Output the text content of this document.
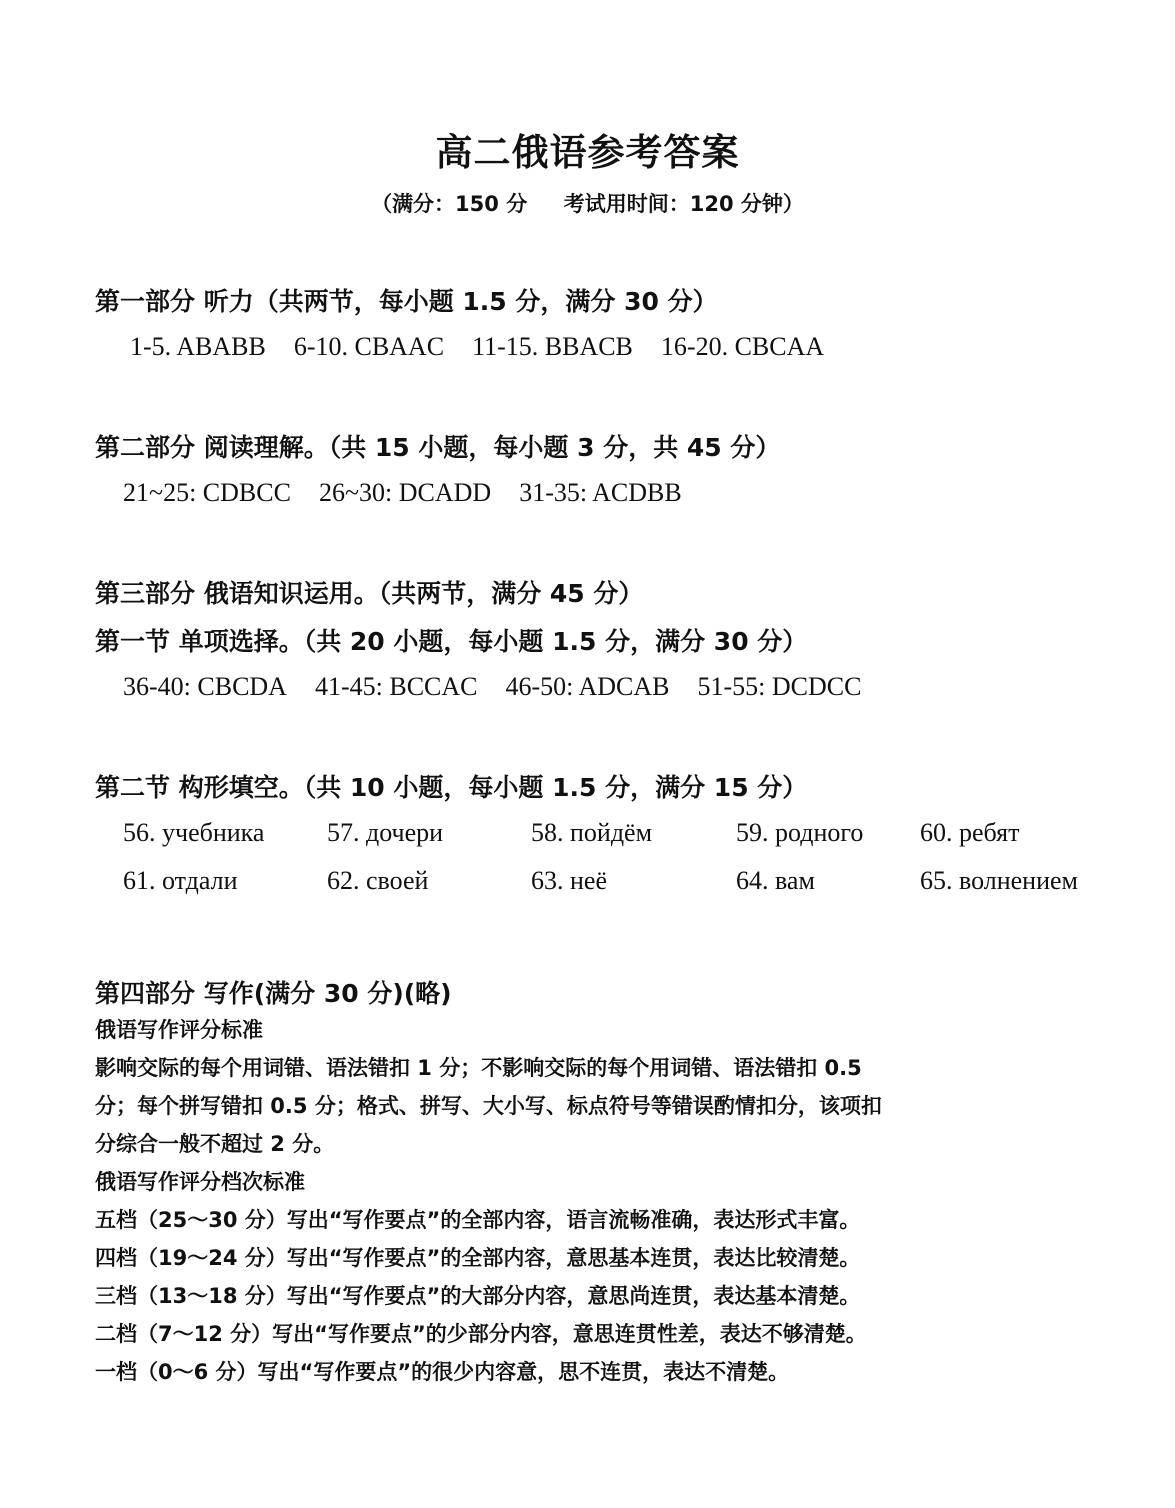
高二俄语参考答案
（满分：150 分     考试用时间：120 分钟）
第一部分 听力（共两节，每小题 1.5 分，满分 30 分）
1-5. ABABB 6-10. CBAAC 11-15. BBACB 16-20. CBCAA
第二部分 阅读理解。（共 15 小题，每小题 3 分，共 45 分）
21~25: CDBCC 26~30: DCADD 31-35: ACDBB
第三部分 俄语知识运用。（共两节，满分 45 分）
第一节 单项选择。（共 20 小题，每小题 1.5 分，满分 30 分）
36-40: CBCDA 41-45: BCCAC 46-50: ADCAB 51-55: DCDCC
第二节 构形填空。（共 10 小题，每小题 1.5 分，满分 15 分）
56. учебника 57. дочери	58. пойдём	59. родного 60. ребят
61. отдали	62. своей	63. неё	64. вам	65. волнением
第四部分 写作(满分 30 分)(略)
俄语写作评分标准
影响交际的每个用词错、语法错扣 1 分；不影响交际的每个用词错、语法错扣 0.5
分；每个拼写错扣 0.5 分；格式、拼写、大小写、标点符号等错误酌情扣分，该项扣
分综合一般不超过 2 分。
俄语写作评分档次标准
五档（25～30 分）写出“写作要点”的全部内容，语言流畅准确，表达形式丰富。
四档（19～24 分）写出“写作要点”的全部内容，意思基本连贯，表达比较清楚。
三档（13～18 分）写出“写作要点”的大部分内容，意思尚连贯，表达基本清楚。
二档（7～12 分）写出“写作要点”的少部分内容，意思连贯性差，表达不够清楚。
一档（0～6 分）写出“写作要点”的很少内容意，思不连贯，表达不清楚。
